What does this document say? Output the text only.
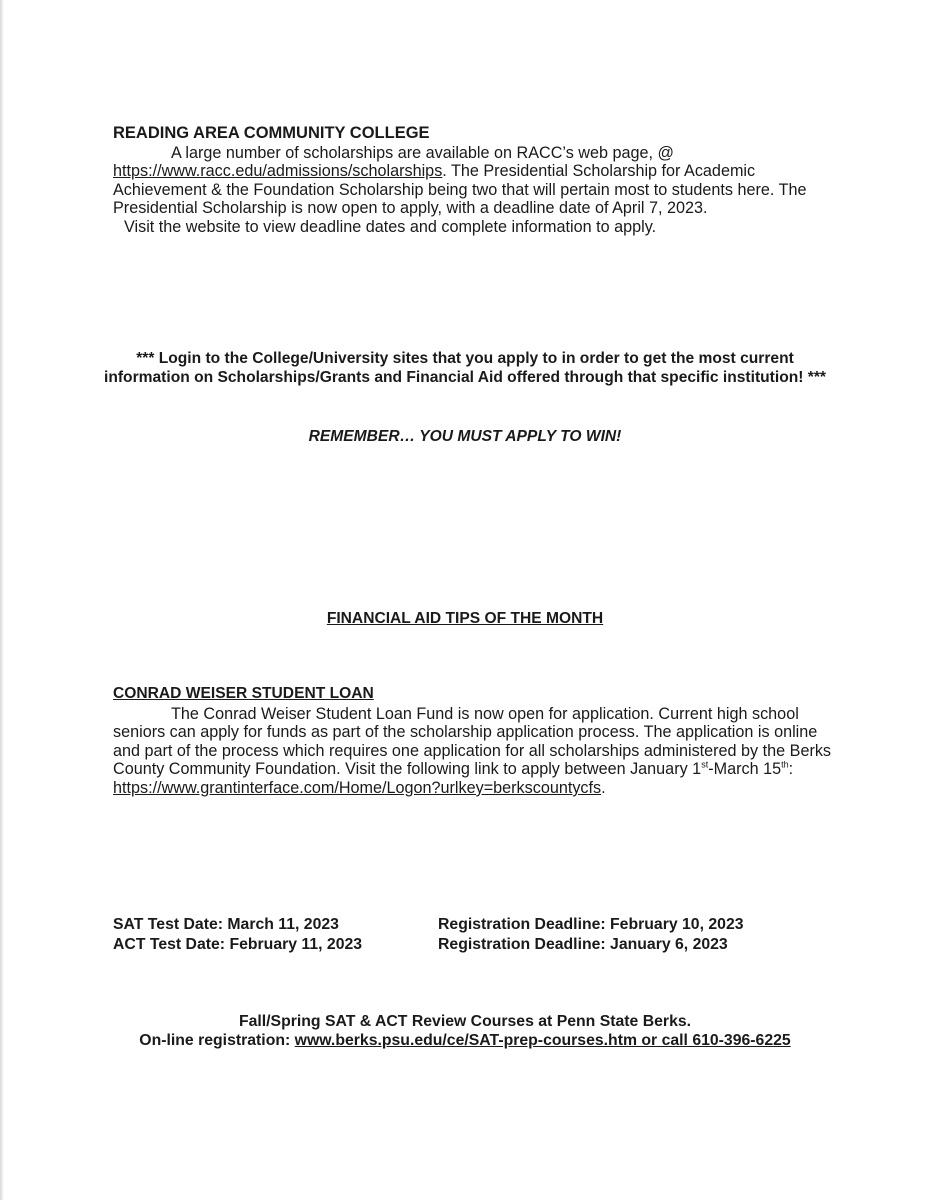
READING AREA COMMUNITY COLLEGE
A large number of scholarships are available on RACC’s web page, @
https://www.racc.edu/admissions/scholarships. The Presidential Scholarship for Academic Achievement & the Foundation Scholarship being two that will pertain most to students here. The Presidential Scholarship is now open to apply, with a deadline date of April 7, 2023.
Visit the website to view deadline dates and complete information to apply.
*** Login to the College/University sites that you apply to in order to get the most current information on Scholarships/Grants and Financial Aid offered through that specific institution! ***
REMEMBER… YOU MUST APPLY TO WIN!
FINANCIAL AID TIPS OF THE MONTH
CONRAD WEISER STUDENT LOAN
The Conrad Weiser Student Loan Fund is now open for application. Current high school seniors can apply for funds as part of the scholarship application process. The application is online and part of the process which requires one application for all scholarships administered by the Berks County Community Foundation. Visit the following link to apply between January 1st-March 15th: https://www.grantinterface.com/Home/Logon?urlkey=berkscountycfs.
SAT Test Date: March 11, 2023	Registration Deadline: February 10, 2023
ACT Test Date: February 11, 2023	Registration Deadline: January 6, 2023
Fall/Spring SAT & ACT Review Courses at Penn State Berks.
On-line registration: www.berks.psu.edu/ce/SAT-prep-courses.htm or call 610-396-6225
